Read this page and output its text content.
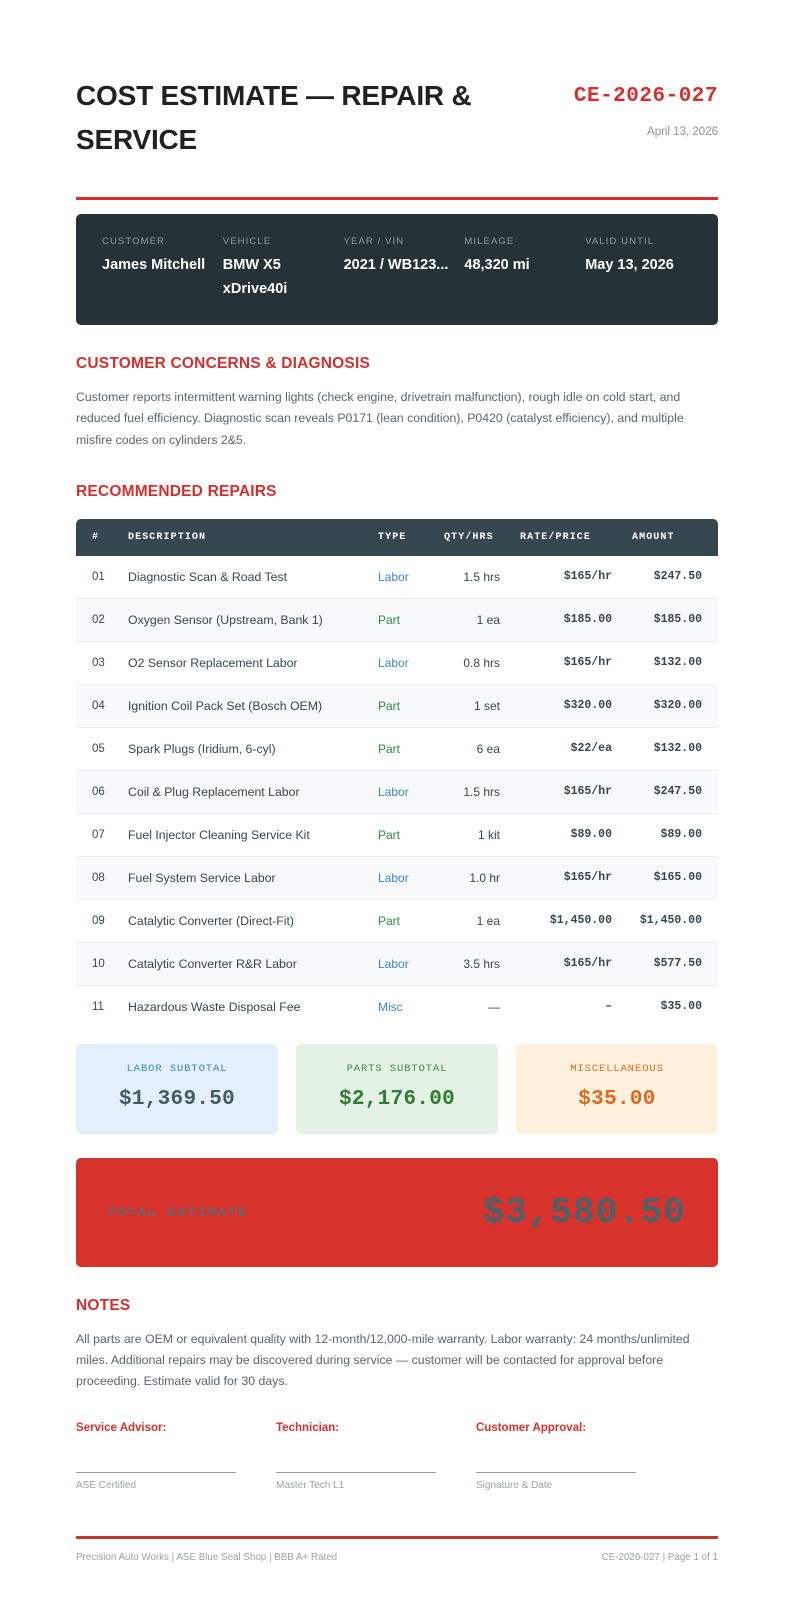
COST ESTIMATE — REPAIR & SERVICE
CE-2026-027
April 13, 2026
CUSTOMER
James Mitchell
VEHICLE
BMW X5 xDrive40i
YEAR / VIN
2021 / WB123...
MILEAGE
48,320 mi
VALID UNTIL
May 13, 2026
CUSTOMER CONCERNS & DIAGNOSIS
Customer reports intermittent warning lights (check engine, drivetrain malfunction), rough idle on cold start, and reduced fuel efficiency. Diagnostic scan reveals P0171 (lean condition), P0420 (catalyst efficiency), and multiple misfire codes on cylinders 2&5.
RECOMMENDED REPAIRS
#	DESCRIPTION	TYPE	QTY/HRS	RATE/PRICE	AMOUNT
01	Diagnostic Scan & Road Test	Labor	1.5 hrs	$165/hr	$247.50
02	Oxygen Sensor (Upstream, Bank 1)	Part	1 ea	$185.00	$185.00
03	O2 Sensor Replacement Labor	Labor	0.8 hrs	$165/hr	$132.00
04	Ignition Coil Pack Set (Bosch OEM)	Part	1 set	$320.00	$320.00
05	Spark Plugs (Iridium, 6-cyl)	Part	6 ea	$22/ea	$132.00
06	Coil & Plug Replacement Labor	Labor	1.5 hrs	$165/hr	$247.50
07	Fuel Injector Cleaning Service Kit	Part	1 kit	$89.00	$89.00
08	Fuel System Service Labor	Labor	1.0 hr	$165/hr	$165.00
09	Catalytic Converter (Direct-Fit)	Part	1 ea	$1,450.00	$1,450.00
10	Catalytic Converter R&R Labor	Labor	3.5 hrs	$165/hr	$577.50
11	Hazardous Waste Disposal Fee	Misc	—	–	$35.00
LABOR SUBTOTAL
$1,369.50
PARTS SUBTOTAL
$2,176.00
MISCELLANEOUS
$35.00
TOTAL ESTIMATE	$3,580.50
NOTES
All parts are OEM or equivalent quality with 12-month/12,000-mile warranty. Labor warranty: 24 months/unlimited miles. Additional repairs may be discovered during service — customer will be contacted for approval before proceeding. Estimate valid for 30 days.
Service Advisor:
ASE Certified
Technician:
Master Tech L1
Customer Approval:
Signature & Date
Precision Auto Works | ASE Blue Seal Shop | BBB A+ Rated	CE-2026-027 | Page 1 of 1
